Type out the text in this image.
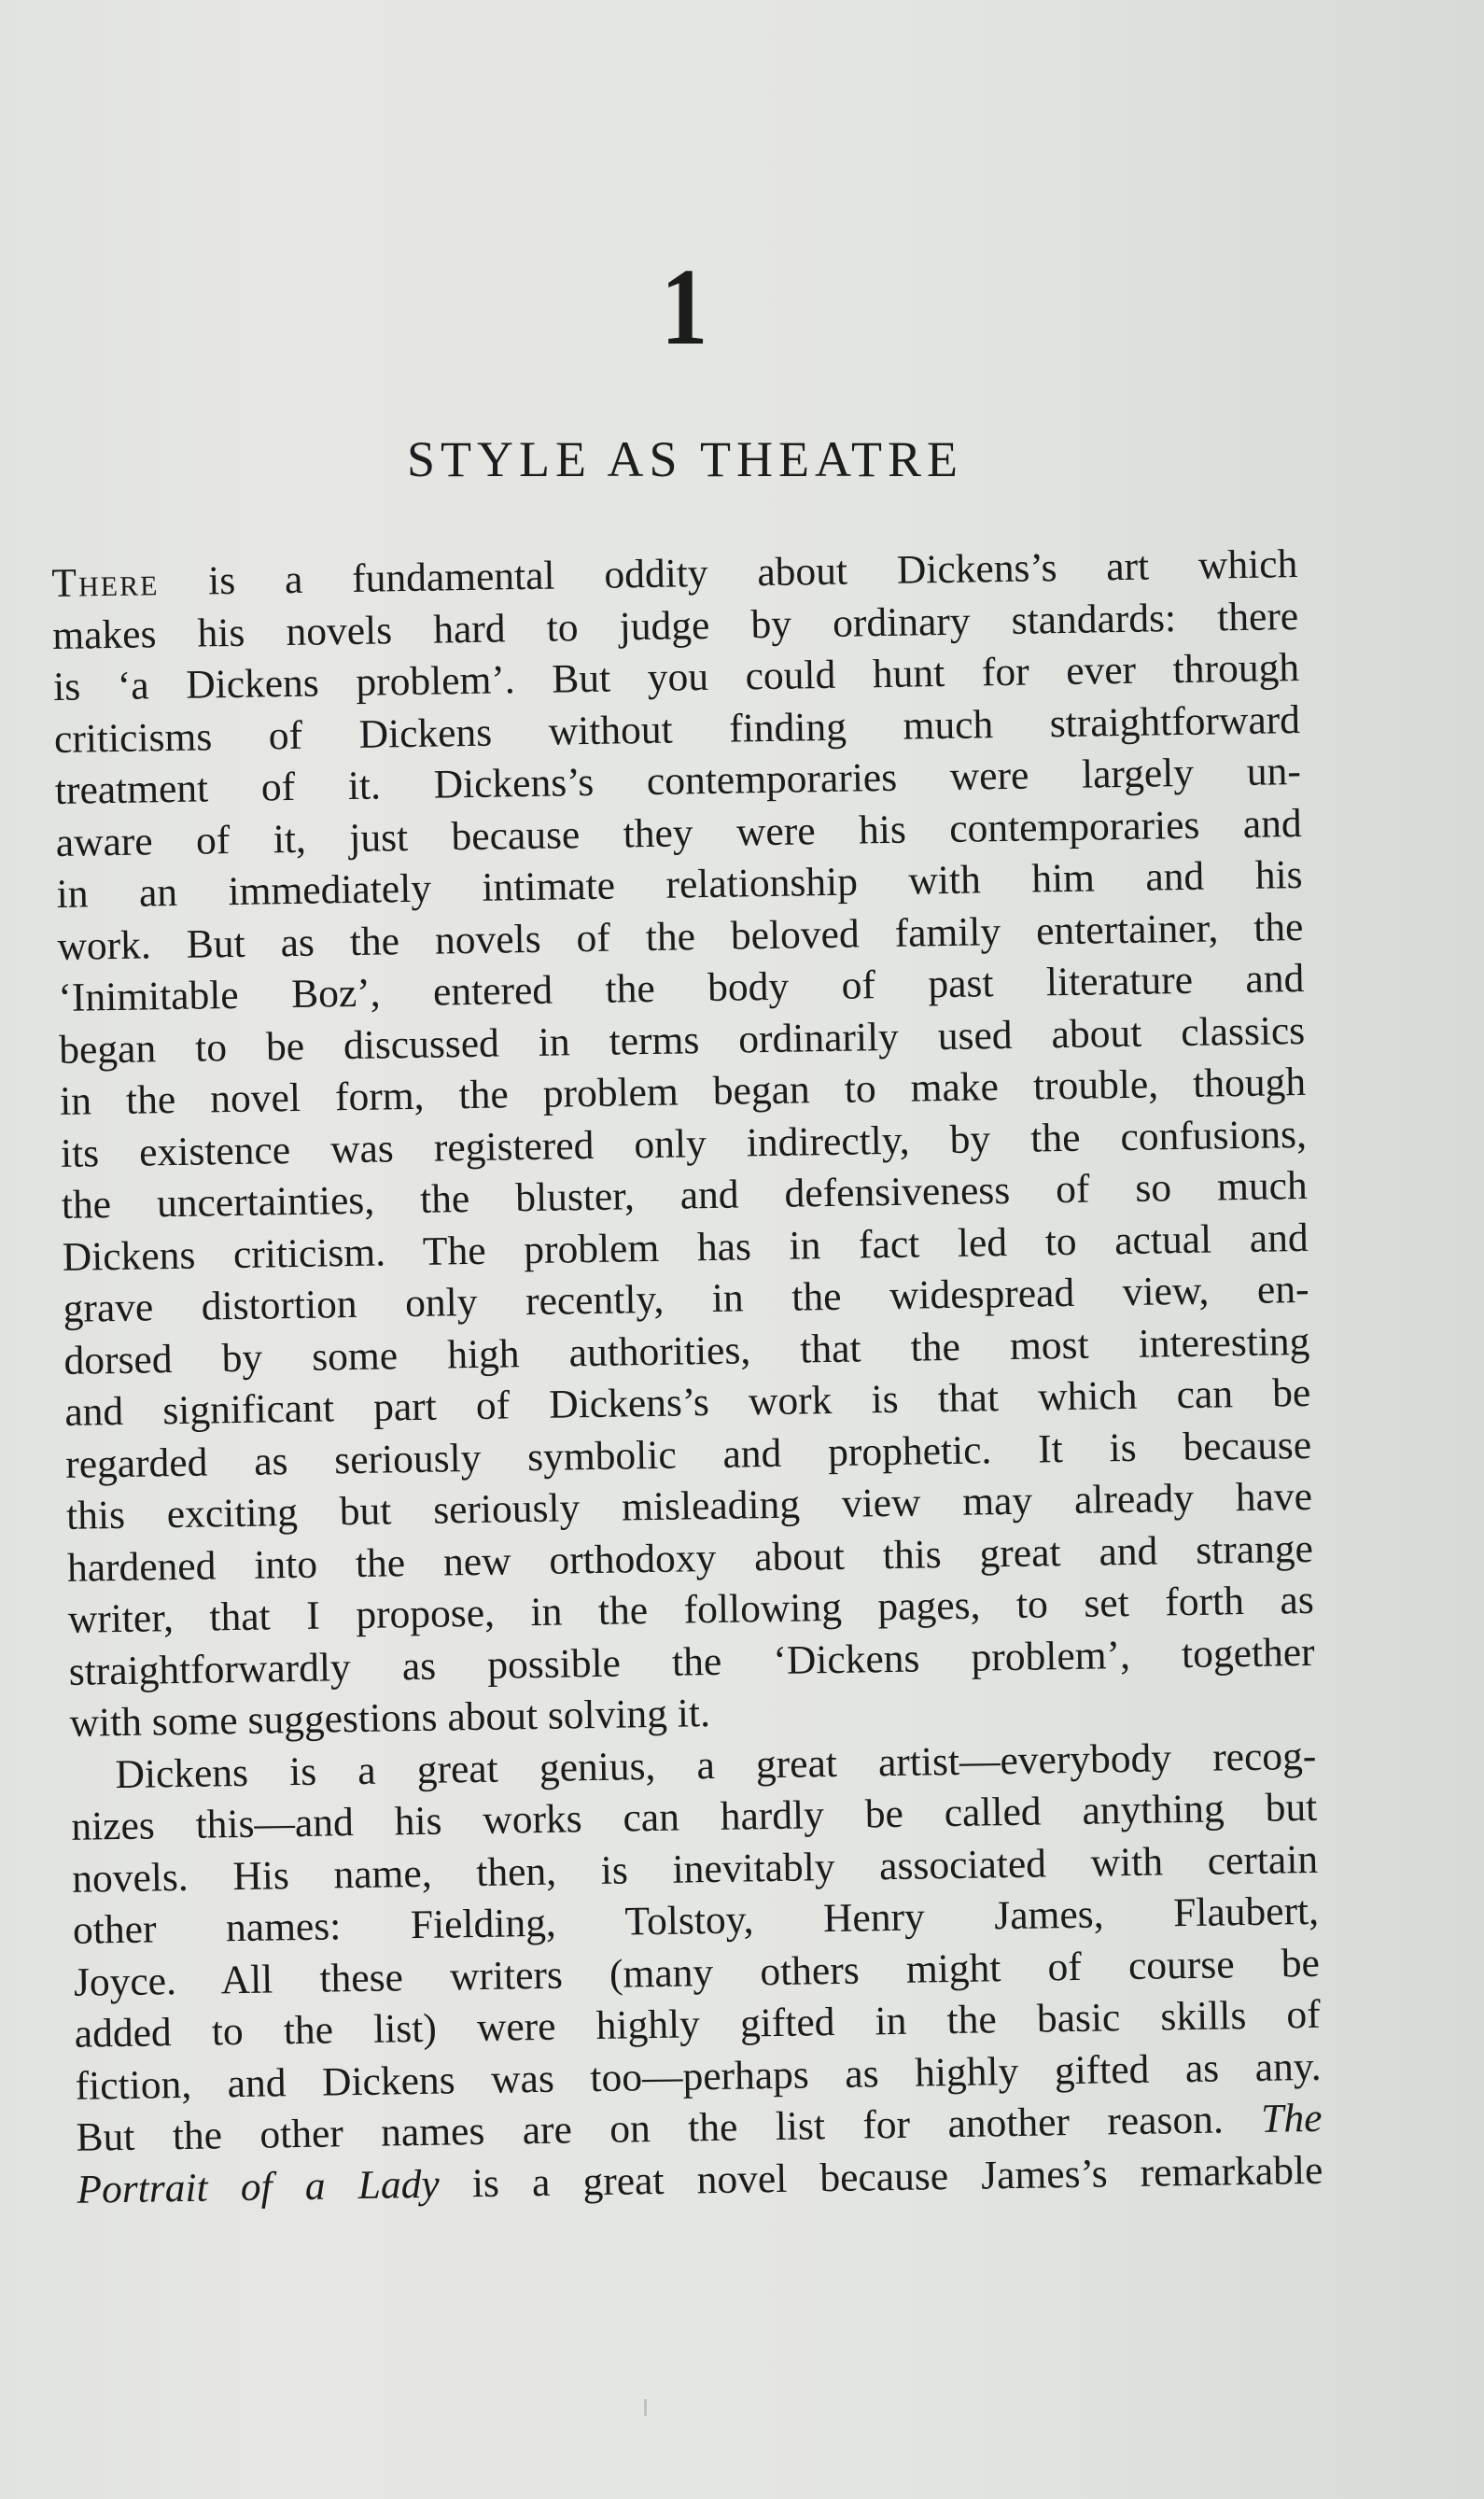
1
STYLE AS THEATRE
There is a fundamental oddity about Dickens’s art which
makes his novels hard to judge by ordinary standards: there
is ‘a Dickens problem’. But you could hunt for ever through
criticisms of Dickens without finding much straightforward
treatment of it. Dickens’s contemporaries were largely un-
aware of it, just because they were his contemporaries and
in an immediately intimate relationship with him and his
work. But as the novels of the beloved family entertainer, the
‘Inimitable Boz’, entered the body of past literature and
began to be discussed in terms ordinarily used about classics
in the novel form, the problem began to make trouble, though
its existence was registered only indirectly, by the confusions,
the uncertainties, the bluster, and defensiveness of so much
Dickens criticism. The problem has in fact led to actual and
grave distortion only recently, in the widespread view, en-
dorsed by some high authorities, that the most interesting
and significant part of Dickens’s work is that which can be
regarded as seriously symbolic and prophetic. It is because
this exciting but seriously misleading view may already have
hardened into the new orthodoxy about this great and strange
writer, that I propose, in the following pages, to set forth as
straightforwardly as possible the ‘Dickens problem’, together
with some suggestions about solving it.
Dickens is a great genius, a great artist—everybody recog-
nizes this—and his works can hardly be called anything but
novels. His name, then, is inevitably associated with certain
other names: Fielding, Tolstoy, Henry James, Flaubert,
Joyce. All these writers (many others might of course be
added to the list) were highly gifted in the basic skills of
fiction, and Dickens was too—perhaps as highly gifted as any.
But the other names are on the list for another reason. The
Portrait of a Lady is a great novel because James’s remarkable
